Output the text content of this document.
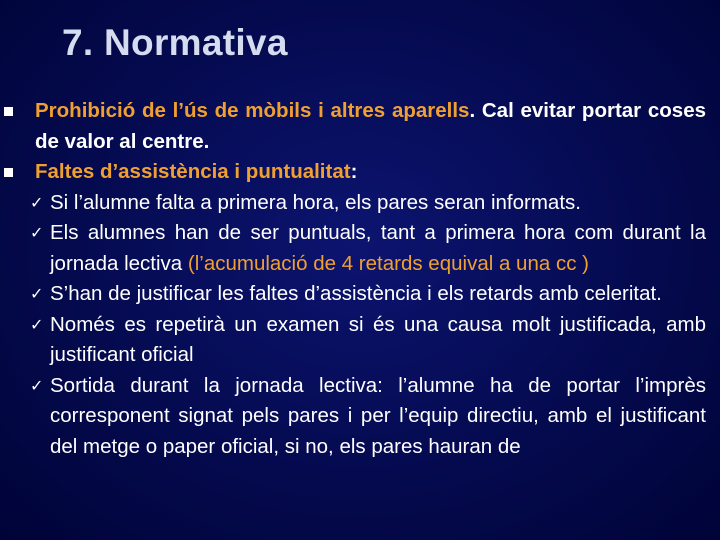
7. Normativa
Prohibició de l’ús de mòbils i altres aparells. Cal evitar portar coses de valor al centre.
Faltes d’assistència i puntualitat:
✓ Si l’alumne falta a primera hora, els pares seran informats.
✓ Els alumnes han de ser puntuals, tant a primera hora com durant la jornada lectiva (l’acumulació de 4 retards equival a una cc )
✓ S’han de justificar les faltes d’assistència i els retards amb celeritat.
✓ Només es repetirà un examen si és una causa molt justificada, amb justificant oficial
✓ Sortida durant la jornada lectiva: l’alumne ha de portar l’imprès corresponent signat pels pares i per l’equip directiu, amb el justificant del metge o paper oficial, si no, els pares hauran de
